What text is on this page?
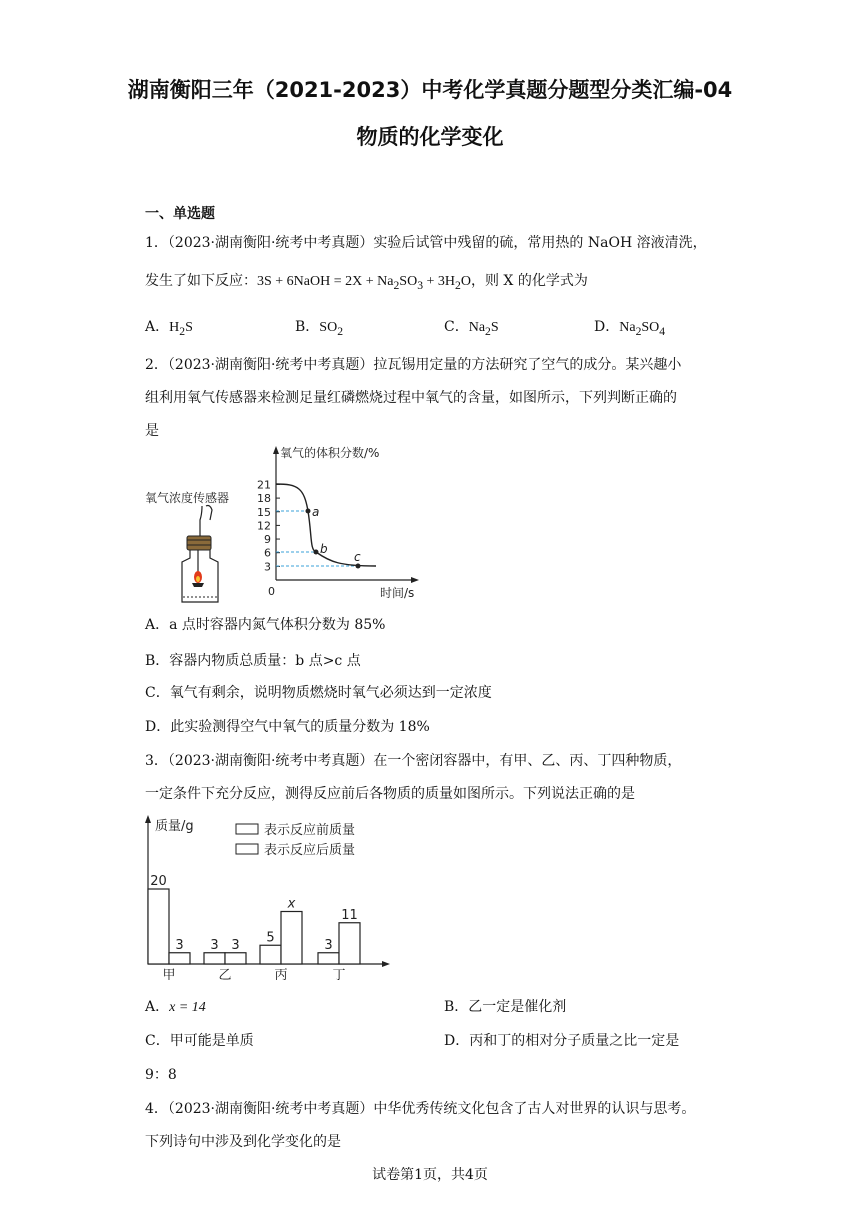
湖南衡阳三年（2021-2023）中考化学真题分题型分类汇编-04
物质的化学变化
一、单选题
1．（2023·湖南衡阳·统考中考真题）实验后试管中残留的硫，常用热的 NaOH 溶液清洗，
发生了如下反应：3S + 6NaOH = $2X + Na_2SO_3 + 3H_2O$，则 X 的化学式为
A．$H_2S$	B．$SO_2$	C．$Na_2S$	D．$Na_2SO_4$
2．（2023·湖南衡阳·统考中考真题）拉瓦锡用定量的方法研究了空气的成分。某兴趣小
组利用氧气传感器来检测足量红磷燃烧过程中氧气的含量，如图所示，下列判断正确的
是
氧气浓度传感器
氧气的体积分数/%
时间/s
0
21
18
15
12
9
6
3
a
b
c
A．a 点时容器内氮气体积分数为 85%
B．容器内物质总质量：b 点>c 点
C．氧气有剩余，说明物质燃烧时氧气必须达到一定浓度
D．此实验测得空气中氧气的质量分数为 18%
3．（2023·湖南衡阳·统考中考真题）在一个密闭容器中，有甲、乙、丙、丁四种物质，
一定条件下充分反应，测得反应前后各物质的质量如图所示。下列说法正确的是
质量/g	表示反应前质量
表示反应后质量
20
3
甲
3 3
乙
5
x
丙
3
11
丁
A．x = 14	B．乙一定是催化剂
C．甲可能是单质	D．丙和丁的相对分子质量之比一定是
9：8
4．（2023·湖南衡阳·统考中考真题）中华优秀传统文化包含了古人对世界的认识与思考。
下列诗句中涉及到化学变化的是
试卷第1页，共4页
